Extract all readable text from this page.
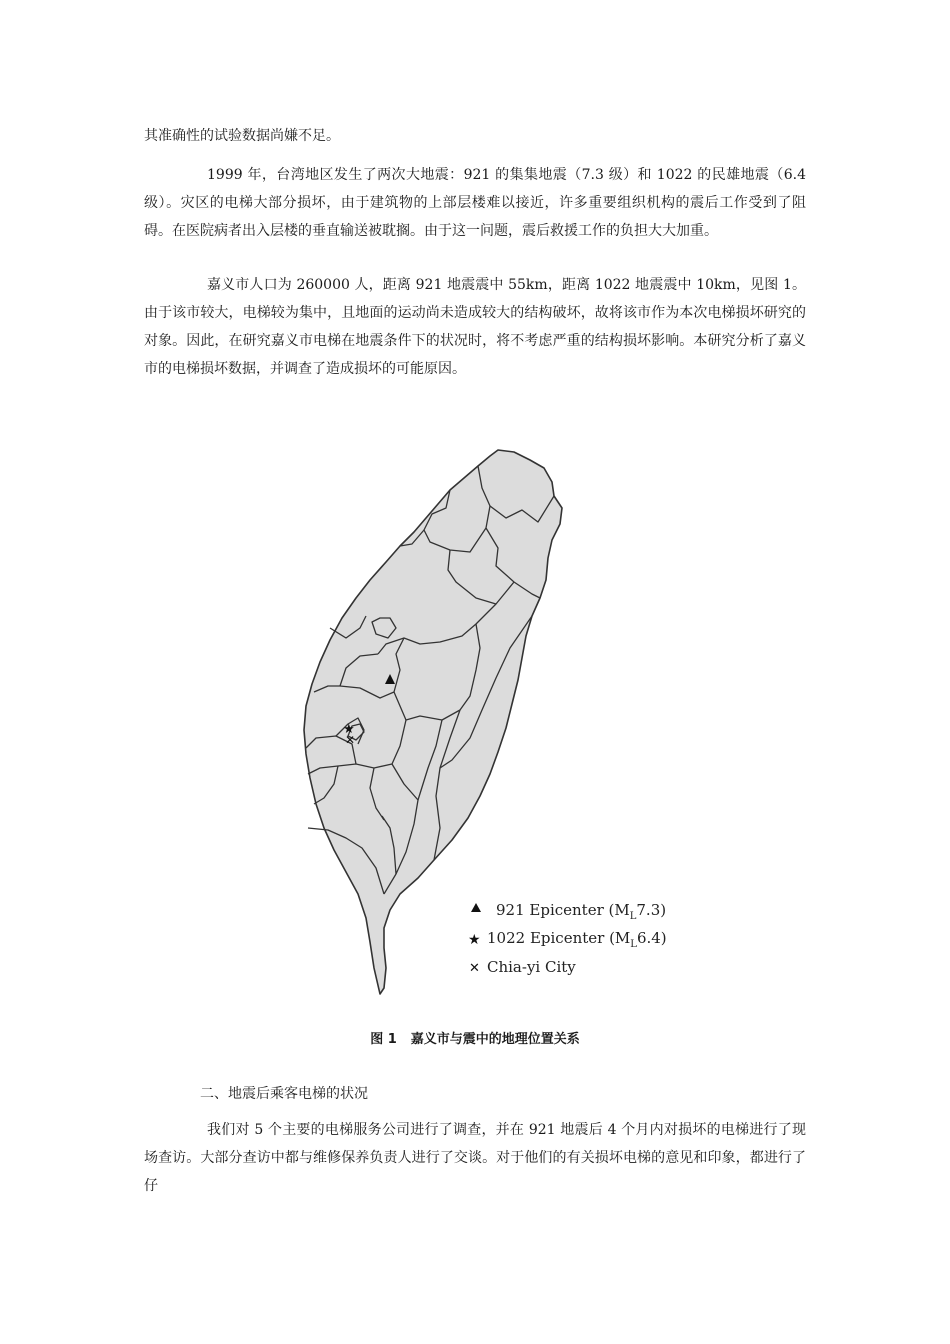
其准确性的试验数据尚嫌不足。

1999 年，台湾地区发生了两次大地震：921 的集集地震（7.3 级）和 1022 的民雄地震（6.4 级）。灾区的电梯大部分损坏，由于建筑物的上部层楼难以接近，许多重要组织机构的震后工作受到了阻碍。在医院病者出入层楼的垂直输送被耽搁。由于这一问题，震后救援工作的负担大大加重。

嘉义市人口为 260000 人，距离 921 地震震中 55km，距离 1022 地震震中 10km，见图 1。由于该市较大，电梯较为集中，且地面的运动尚未造成较大的结构破坏，故将该市作为本次电梯损坏研究的对象。因此，在研究嘉义市电梯在地震条件下的状况时，将不考虑严重的结构损坏影响。本研究分析了嘉义市的电梯损坏数据，并调查了造成损坏的可能原因。

★
✕
921 Epicenter $(M_L7.3)$
★ 1022 Epicenter $(M_L6.4)$
✕ Chia-yi City
图 1 嘉义市与震中的地理位置关系
二、地震后乘客电梯的状况

我们对 5 个主要的电梯服务公司进行了调查，并在 921 地震后 4 个月内对损坏的电梯进行了现场查访。大部分查访中都与维修保养负责人进行了交谈。对于他们的有关损坏电梯的意见和印象，都进行了仔
